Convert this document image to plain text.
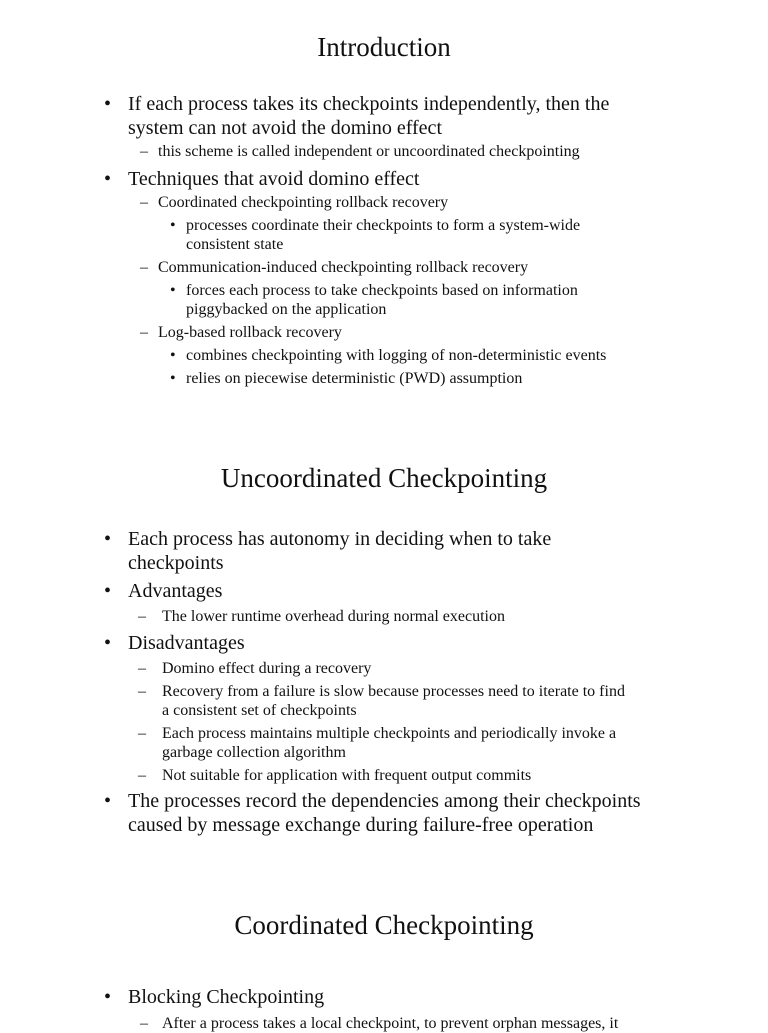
Introduction
• If each process takes its checkpoints independently, then the
system can not avoid the domino effect
– this scheme is called independent or uncoordinated checkpointing
• Techniques that avoid domino effect
– Coordinated checkpointing rollback recovery
• processes coordinate their checkpoints to form a system-wide
consistent state
– Communication-induced checkpointing rollback recovery
• forces each process to take checkpoints based on information
piggybacked on the application
– Log-based rollback recovery
• combines checkpointing with logging of non-deterministic events
• relies on piecewise deterministic (PWD) assumption
Uncoordinated Checkpointing
• Each process has autonomy in deciding when to take
checkpoints
• Advantages
– The lower runtime overhead during normal execution
• Disadvantages
– Domino effect during a recovery
– Recovery from a failure is slow because processes need to iterate to find
a consistent set of checkpoints
– Each process maintains multiple checkpoints and periodically invoke a
garbage collection algorithm
– Not suitable for application with frequent output commits
• The processes record the dependencies among their checkpoints
caused by message exchange during failure-free operation
Coordinated Checkpointing
• Blocking Checkpointing
– After a process takes a local checkpoint, to prevent orphan messages, it
